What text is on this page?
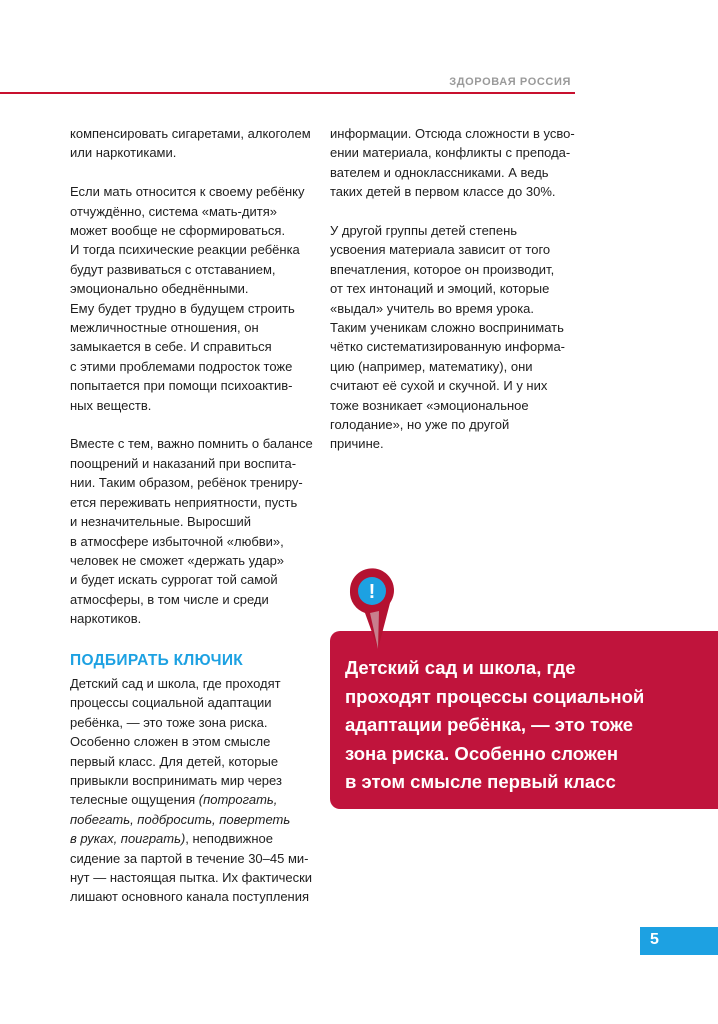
ЗДОРОВАЯ РОССИЯ

компенсировать сигаретами, алкоголем
или наркотиками.

Если мать относится к своему ребёнку
отчуждённо, система «мать-дитя»
может вообще не сформироваться.
И тогда психические реакции ребёнка
будут развиваться с отставанием,
эмоционально обеднёнными.
Ему будет трудно в будущем строить
межличностные отношения, он
замыкается в себе. И справиться
с этими проблемами подросток тоже
попытается при помощи психоактив-
ных веществ.

Вместе с тем, важно помнить о балансе
поощрений и наказаний при воспита-
нии. Таким образом, ребёнок трениру-
ется переживать неприятности, пусть
и незначительные. Выросший
в атмосфере избыточной «любви»,
человек не сможет «держать удар»
и будет искать суррогат той самой
атмосферы, в том числе и среди
наркотиков.

информации. Отсюда сложности в усво-
ении материала, конфликты с препода-
вателем и одноклассниками. А ведь
таких детей в первом классе до 30%.

У другой группы детей степень
усвоения материала зависит от того
впечатления, которое он производит,
от тех интонаций и эмоций, которые
«выдал» учитель во время урока.
Таким ученикам сложно воспринимать
чётко систематизированную информа-
цию (например, математику), они
считают её сухой и скучной. И у них
тоже возникает «эмоциональное
голодание», но уже по другой
причине.

ПОДБИРАТЬ КЛЮЧИК
Детский сад и школа, где проходят
процессы социальной адаптации
ребёнка, — это тоже зона риска.
Особенно сложен в этом смысле
первый класс. Для детей, которые
привыкли воспринимать мир через
телесные ощущения (потрогать,
побегать, подбросить, повертеть
в руках, поиграть), неподвижное
сидение за партой в течение 30–45 ми-
нут — настоящая пытка. Их фактически
лишают основного канала поступления
!
Детский сад и школа, где
проходят процессы социальной
адаптации ребёнка, — это тоже
зона риска. Особенно сложен
в этом смысле первый класс
5
